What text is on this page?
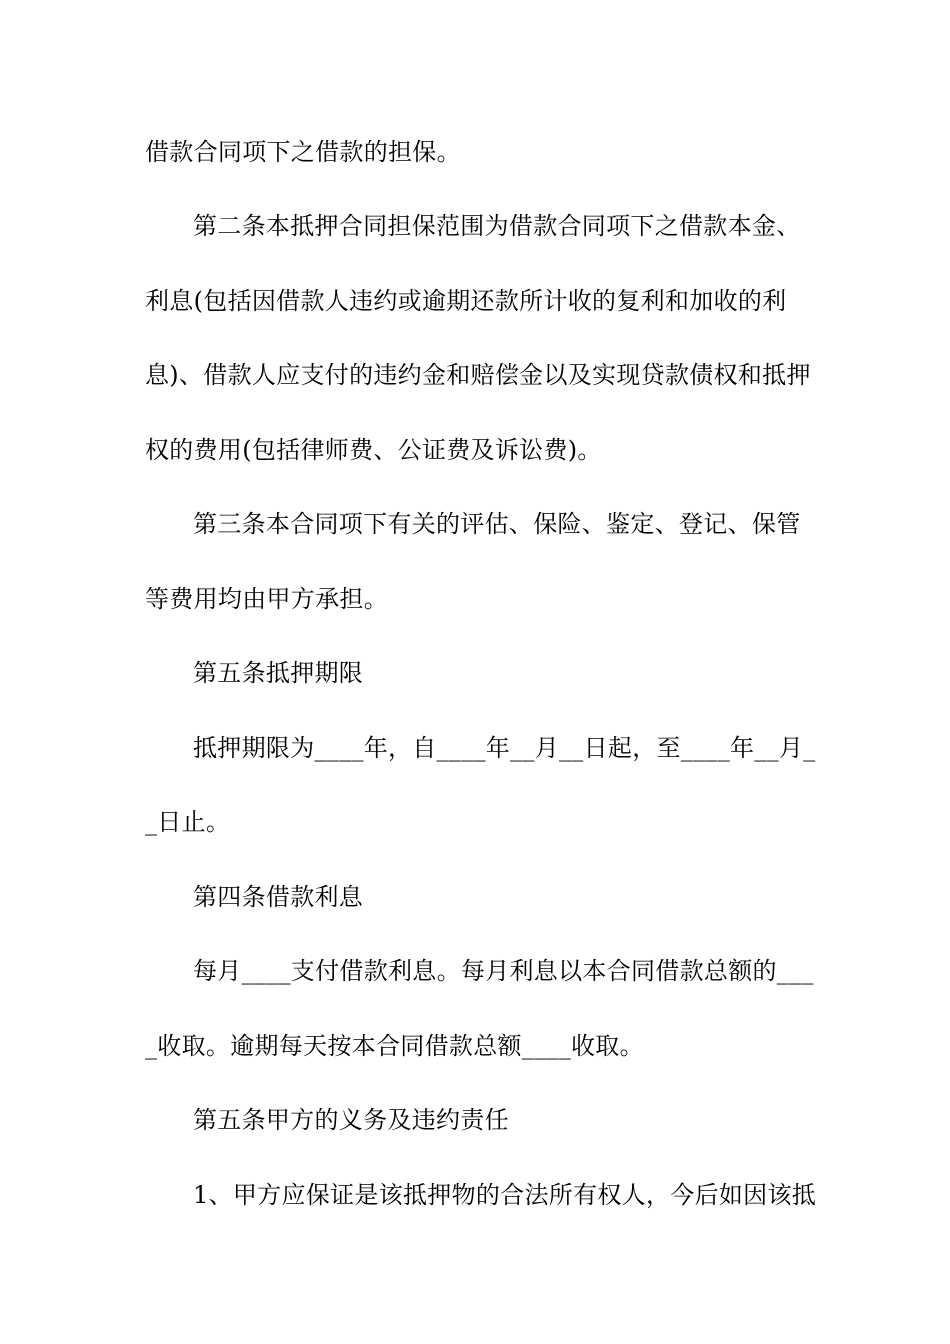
借款合同项下之借款的担保。
第二条本抵押合同担保范围为借款合同项下之借款本金、
利息(包括因借款人违约或逾期还款所计收的复利和加收的利
息)、借款人应支付的违约金和赔偿金以及实现贷款债权和抵押
权的费用(包括律师费、公证费及诉讼费)。
第三条本合同项下有关的评估、保险、鉴定、登记、保管
等费用均由甲方承担。
第五条抵押期限
抵押期限为____年，自____年__月__日起，至____年__月_
_日止。
第四条借款利息
每月____支付借款利息。每月利息以本合同借款总额的___
_收取。逾期每天按本合同借款总额____收取。
第五条甲方的义务及违约责任
1、甲方应保证是该抵押物的合法所有权人，今后如因该抵
